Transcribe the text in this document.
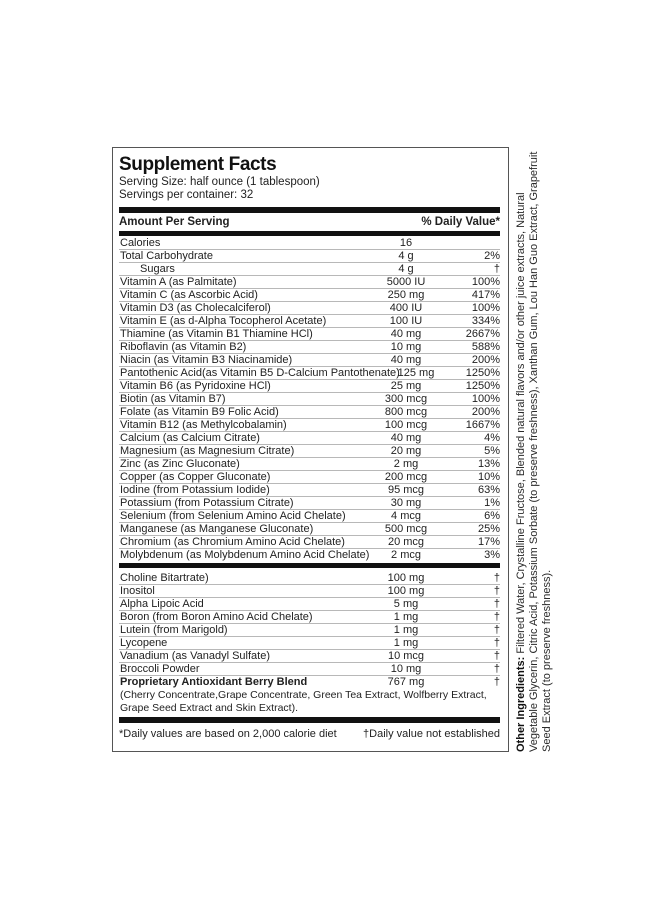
Supplement Facts
Serving Size: half ounce (1 tablespoon)
Servings per container: 32
Amount Per Serving	% Daily Value*
Calories	16
Total Carbohydrate	4 g	2%
Sugars	4 g	†
Vitamin A (as Palmitate)	5000 IU	100%
Vitamin C (as Ascorbic Acid)	250 mg	417%
Vitamin D3 (as Cholecalciferol)	400 IU	100%
Vitamin E (as d-Alpha Tocopherol Acetate)	100 IU	334%
Thiamine (as Vitamin B1 Thiamine HCl)	40 mg	2667%
Riboflavin (as Vitamin B2)	10 mg	588%
Niacin (as Vitamin B3 Niacinamide)	40 mg	200%
Pantothenic Acid(as Vitamin B5 D-Calcium Pantothenate)
125 mg	1250%
Vitamin B6 (as Pyridoxine HCl)	25 mg	1250%
Biotin (as Vitamin B7)	300 mcg	100%
Folate (as Vitamin B9 Folic Acid)	800 mcg	200%
Vitamin B12 (as Methylcobalamin)	100 mcg	1667%
Calcium (as Calcium Citrate)	40 mg	4%
Magnesium (as Magnesium Citrate)	20 mg	5%
Zinc (as Zinc Gluconate)	2 mg	13%
Copper (as Copper Gluconate)	200 mcg	10%
Iodine (from Potassium Iodide)	95 mcg	63%
Potassium (from Potassium Citrate)	30 mg	1%
Selenium (from Selenium Amino Acid Chelate)	4 mcg	6%
Manganese (as Manganese Gluconate)	500 mcg	25%
Chromium (as Chromium Amino Acid Chelate)	20 mcg	17%
Molybdenum (as Molybdenum Amino Acid Chelate)	2 mcg	3%
Choline Bitartrate)	100 mg	†
Inositol	100 mg	†
Alpha Lipoic Acid	5 mg	†
Boron (from Boron Amino Acid Chelate)	1 mg	†
Lutein (from Marigold)	1 mg	†
Lycopene	1 mg	†
Vanadium (as Vanadyl Sulfate)	10 mcg	†
Broccoli Powder	10 mg	†
Proprietary Antioxidant Berry Blend	767 mg	†
(Cherry Concentrate,Grape Concentrate, Green Tea Extract, Wolfberry Extract,
Grape Seed Extract and Skin Extract).
*Daily values are based on 2,000 calorie diet †Daily value not established Other Ingredients: Filtered Water, Crystalline Fructose, Blended natural flavors and/or other juice extracts, Natural Vegetable Glycerin, Citric Acid, Potassium Sorbate (to preserve freshness), Xanthan Gum, Lou Han Guo Extract, Grapefruit Seed Extract (to preserve freshness).
